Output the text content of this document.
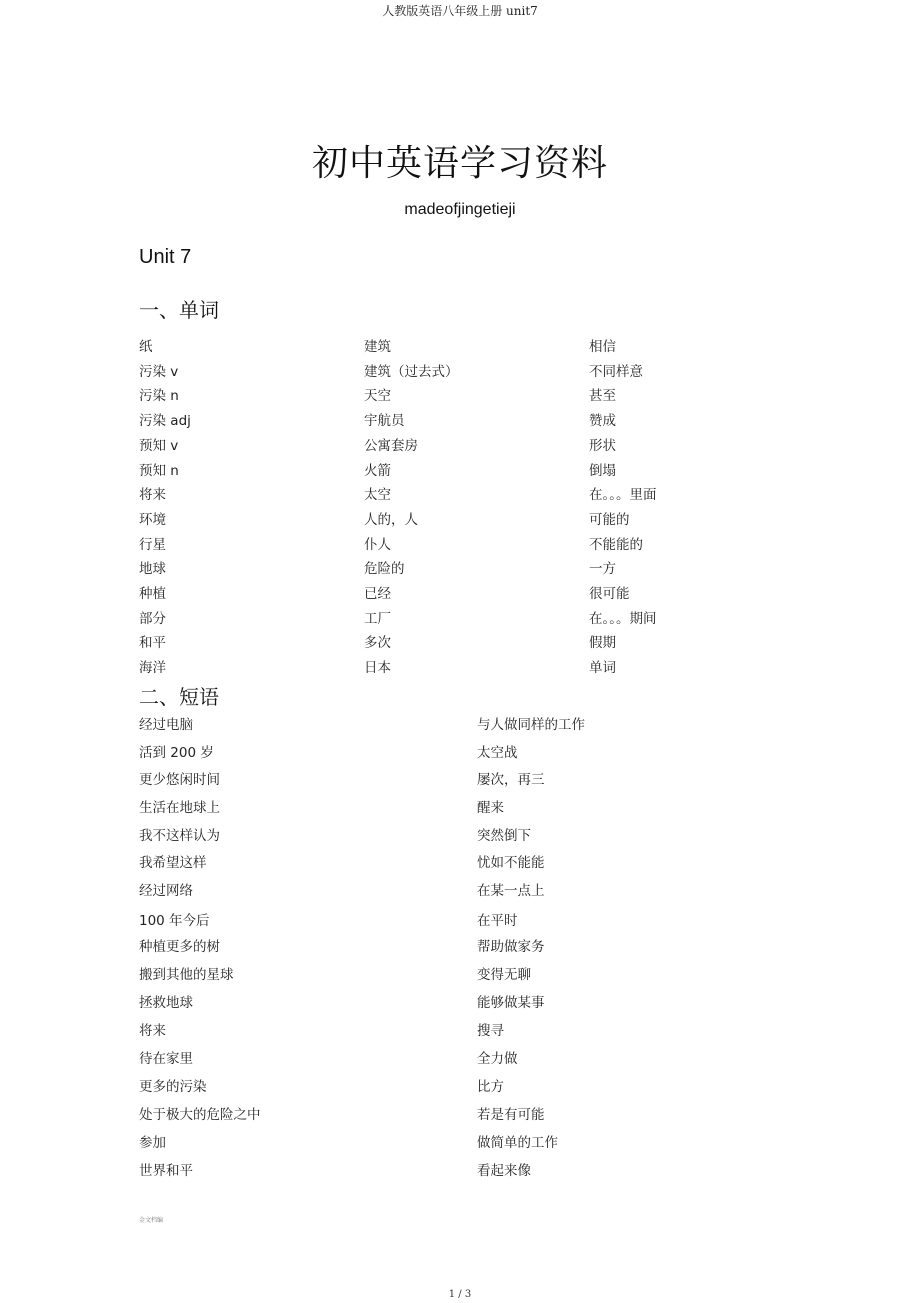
人教版英语八年级上册 unit7
初中英语学习资料
madeofjingetieji
Unit 7
一、单词
纸
污染 v
污染 n
污染 adj
预知 v
预知 n
将来
环境
行星
地球
种植
部分
和平
海洋
建筑
建筑（过去式）
天空
宇航员
公寓套房
火箭
太空
人的，人
仆人
危险的
已经
工厂
多次
日本
相信
不同样意
甚至
赞成
形状
倒塌
在。。。里面
可能的
不能能的
一方
很可能
在。。。期间
假期
单词
二、短语
经过电脑
活到 200 岁
更少悠闲时间
生活在地球上
我不这样认为
我希望这样
经过网络
100 年今后
种植更多的树
搬到其他的星球
拯救地球
将来
待在家里
更多的污染
处于极大的危险之中
参加
世界和平
与人做同样的工作
太空战
屡次，再三
醒来
突然倒下
忧如不能能
在某一点上
在平时
帮助做家务
变得无聊
能够做某事
搜寻
全力做
比方
若是有可能
做简单的工作
看起来像
金文档编
1 / 3
